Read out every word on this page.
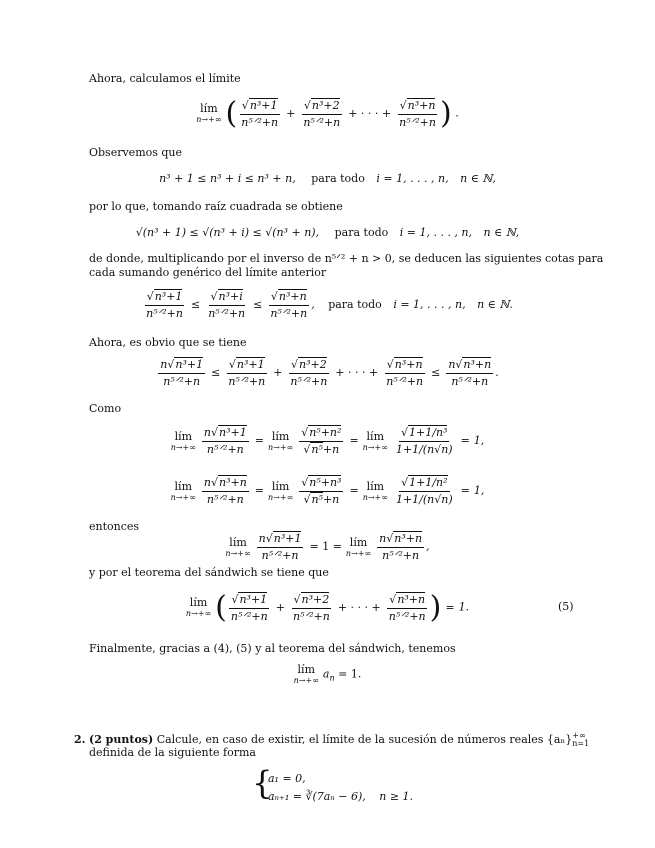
Ahora, calculamos el límite
lím
n→+∞ ( $\frac{\text{√n³+1}}{\text{n⁵ᐟ²+n}} + \frac{\text{√n³+2}}{\text{n⁵ᐟ²+n}}$ + · · · + $\frac{\text{√n³+n}}{\text{n⁵ᐟ²+n}}$ ) .
Observemos que
n³ + 1 ≤ n³ + i ≤ n³ + n, para todo i = 1, . . . , n, n ∈ ℕ,
por lo que, tomando raíz cuadrada se obtiene
√(n³ + 1) ≤ √(n³ + i) ≤ √(n³ + n), para todo i = 1, . . . , n, n ∈ ℕ,
de donde, multiplicando por el inverso de n⁵ᐟ² + n > 0, se deducen las siguientes cotas para
cada sumando genérico del límite anterior
$\frac{\text{√n³+1}}{\text{n⁵ᐟ²+n}} \le \frac{\text{√n³+i}}{\text{n⁵ᐟ²+n}} \le \frac{\text{√n³+n}}{\text{n⁵ᐟ²+n}}$ , para todo i = 1, . . . , n, n ∈ ℕ.
Ahora, es obvio que se tiene
$\frac{\text{n√n³+1}}{\text{n⁵ᐟ²+n}} \le \frac{\text{√n³+1}}{\text{n⁵ᐟ²+n}} + \frac{\text{√n³+2}}{\text{n⁵ᐟ²+n}}$ + · · · + $\frac{\text{√n³+n}}{\text{n⁵ᐟ²+n}} \le \frac{\text{n√n³+n}}{\text{n⁵ᐟ²+n}}$ .
Como
lím
$n\to+\infty \frac{\text{n√n³+1}}{\text{n⁵ᐟ²+n}}$ = lím
$n\to+\infty \frac{\text{√n⁵+n²}}{\text{√n⁵+n}}$ = lím
$n\to+\infty \frac{\text{√1+1/n³}}{1+1/(n√n)} = 1$,
lím
$n\to+\infty \frac{\text{n√n³+n}}{\text{n⁵ᐟ²+n}}$ = lím
$n\to+\infty \frac{\text{√n⁵+n³}}{\text{√n⁵+n}}$ = lím
$n\to+\infty \frac{\text{√1+1/n²}}{1+1/(n√n)} = 1$,
entonces
lím
$n\to+\infty \frac{\text{n√n³+1}}{\text{n⁵ᐟ²+n}} = 1$ = lím
$n\to+\infty \frac{\text{n√n³+n}}{\text{n⁵ᐟ²+n}}$ ,
y por el teorema del sándwich se tiene que
lím
n→+∞ ( $\frac{\text{√n³+1}}{\text{n⁵ᐟ²+n}} + \frac{\text{√n³+2}}{\text{n⁵ᐟ²+n}}$ + · · · + $\frac{\text{√n³+n}}{\text{n⁵ᐟ²+n}}$ ) = 1.	(5)
Finalmente, gracias a (4), (5) y al teorema del sándwich, tenemos
lím
n→+∞ $a_n = 1$.
2. (2 puntos) Calcule, en caso de existir, el límite de la sucesión de números reales {aₙ} +∞
n=1
definida de la siguiente forma
{
a₁ = 0,
aₙ₊₁ = ∛(7aₙ − 6), n ≥ 1.
